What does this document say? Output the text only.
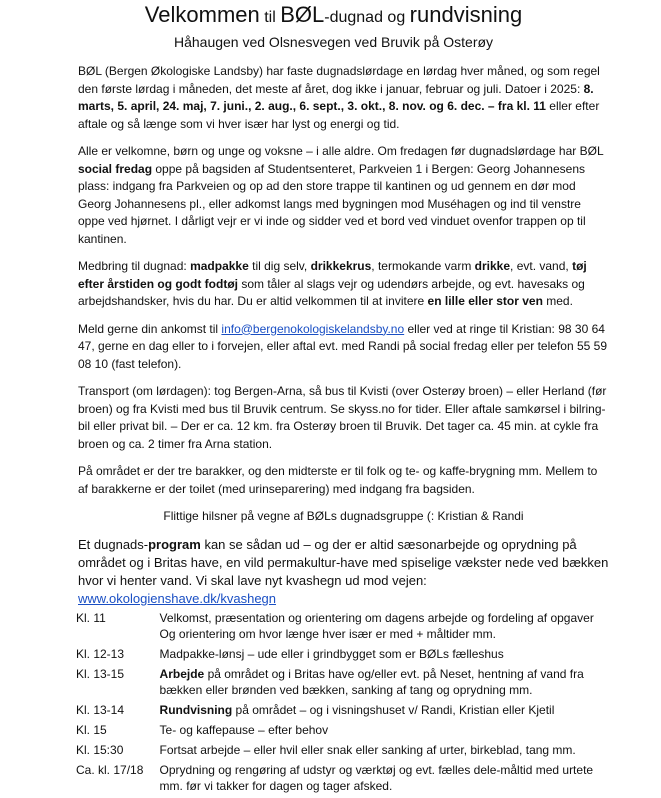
Velkommen til BØL-dugnad og rundvisning
Håhaugen ved Olsnesvegen ved Bruvik på Osterøy

BØL (Bergen Økologiske Landsby) har faste dugnadslørdage en lørdag hver måned, og som regel den første lørdag i måneden, det meste af året, dog ikke i januar, februar og juli. Datoer i 2025: 8. marts, 5. april, 24. maj, 7. juni., 2. aug., 6. sept., 3. okt., 8. nov. og 6. dec. – fra kl. 11 eller efter aftale og så længe som vi hver især har lyst og energi og tid.

Alle er velkomne, børn og unge og voksne – i alle aldre. Om fredagen før dugnadslørdage har BØL social fredag oppe på bagsiden af Studentsenteret, Parkveien 1 i Bergen: Georg Johannesens plass: indgang fra Parkveien og op ad den store trappe til kantinen og ud gennem en dør mod Georg Johannesens pl., eller adkomst langs med bygningen mod Muséhagen og ind til venstre oppe ved hjørnet. I dårligt vejr er vi inde og sidder ved et bord ved vinduet ovenfor trappen op til kantinen.

Medbring til dugnad: madpakke til dig selv, drikkekrus, termokande varm drikke, evt. vand, tøj efter årstiden og godt fodtøj som tåler al slags vejr og udendørs arbejde, og evt. havesaks og arbejdshandsker, hvis du har. Du er altid velkommen til at invitere en lille eller stor ven med.

Meld gerne din ankomst til info@bergenokologiskelandsby.no eller ved at ringe til Kristian: 98 30 64 47, gerne en dag eller to i forvejen, eller aftal evt. med Randi på social fredag eller per telefon 55 59 08 10 (fast telefon).

Transport (om lørdagen): tog Bergen-Arna, så bus til Kvisti (over Osterøy broen) – eller Herland (før broen) og fra Kvisti med bus til Bruvik centrum. Se skyss.no for tider. Eller aftale samkørsel i bilring-bil eller privat bil. – Der er ca. 12 km. fra Osterøy broen til Bruvik. Det tager ca. 45 min. at cykle fra broen og ca. 2 timer fra Arna station.

På området er der tre barakker, og den midterste er til folk og te- og kaffe-brygning mm. Mellem to af barakkerne er der toilet (med urinseparering) med indgang fra bagsiden.

Flittige hilsner på vegne af BØLs dugnadsgruppe (: Kristian & Randi

Et dugnads-program kan se sådan ud – og der er altid sæsonarbejde og oprydning på området og i Britas have, en vild permakultur-have med spiselige vækster nede ved bækken hvor vi henter vand. Vi skal lave nyt kvashegn ud mod vejen: www.okologienshave.dk/kvashegn

Kl. 11	Velkomst, præsentation og orientering om dagens arbejde og fordeling af opgaver Og orientering om hvor længe hver især er med + måltider mm.
Kl. 12-13	Madpakke-lønsj – ude eller i grindbygget som er BØLs fælleshus
Kl. 13-15	Arbejde på området og i Britas have og/eller evt. på Neset, hentning af vand fra bækken eller brønden ved bækken, sanking af tang og oprydning mm.
Kl. 13-14	Rundvisning på området – og i visningshuset v/ Randi, Kristian eller Kjetil
Kl. 15	Te- og kaffepause – efter behov
Kl. 15:30	Fortsat arbejde – eller hvil eller snak eller sanking af urter, birkeblad, tang mm.
Ca. kl. 17/18	Oprydning og rengøring af udstyr og værktøj og evt. fælles dele-måltid med urtete mm. før vi takker for dagen og tager afsked.
